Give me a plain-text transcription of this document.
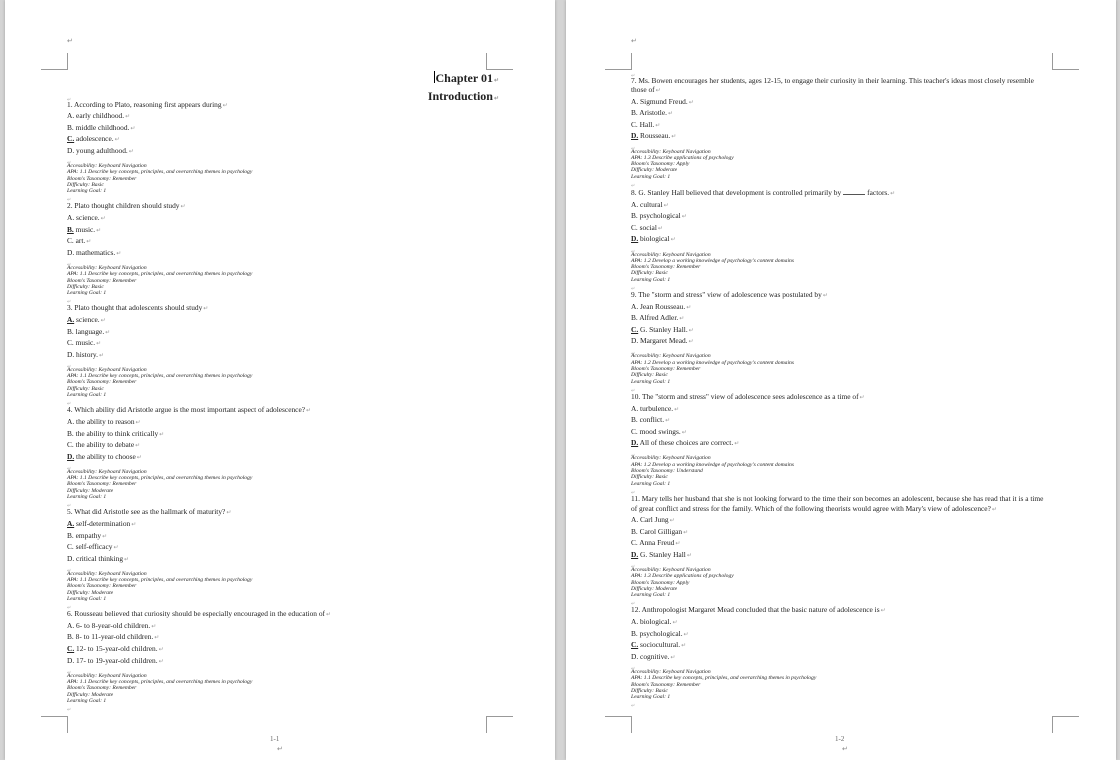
↵
Chapter 01↵
Introduction↵
↵

1. According to Plato, reasoning first appears during↵

A. early childhood.↵

B. middle childhood.↵

C. adolescence.↵

D. young adulthood.↵

↵

Accessibility: Keyboard Navigation

APA: 1.1 Describe key concepts, principles, and overarching themes in psychology

Bloom's Taxonomy: Remember

Difficulty: Basic

Learning Goal: 1

↵

2. Plato thought children should study↵

A. science.↵

B. music.↵

C. art.↵

D. mathematics.↵

↵

Accessibility: Keyboard Navigation

APA: 1.1 Describe key concepts, principles, and overarching themes in psychology

Bloom's Taxonomy: Remember

Difficulty: Basic

Learning Goal: 1

↵

3. Plato thought that adolescents should study↵

A. science.↵

B. language.↵

C. music.↵

D. history.↵

↵

Accessibility: Keyboard Navigation

APA: 1.1 Describe key concepts, principles, and overarching themes in psychology

Bloom's Taxonomy: Remember

Difficulty: Basic

Learning Goal: 1

↵

4. Which ability did Aristotle argue is the most important aspect of adolescence?↵

A. the ability to reason↵

B. the ability to think critically↵

C. the ability to debate↵

D. the ability to choose↵

↵

Accessibility: Keyboard Navigation

APA: 1.1 Describe key concepts, principles, and overarching themes in psychology

Bloom's Taxonomy: Remember

Difficulty: Moderate

Learning Goal: 1

↵

5. What did Aristotle see as the hallmark of maturity?↵

A. self-determination↵

B. empathy↵

C. self-efficacy↵

D. critical thinking↵

↵

Accessibility: Keyboard Navigation

APA: 1.1 Describe key concepts, principles, and overarching themes in psychology

Bloom's Taxonomy: Remember

Difficulty: Moderate

Learning Goal: 1

↵

6. Rousseau believed that curiosity should be especially encouraged in the education of↵

A. 6- to 8-year-old children.↵

B. 8- to 11-year-old children.↵

C. 12- to 15-year-old children.↵

D. 17- to 19-year-old children.↵

↵

Accessibility: Keyboard Navigation

APA: 1.1 Describe key concepts, principles, and overarching themes in psychology

Bloom's Taxonomy: Remember

Difficulty: Moderate

Learning Goal: 1

↵
1-1
↵
↵
↵

7. Ms. Bowen encourages her students, ages 12-15, to engage their curiosity in their learning. This teacher's ideas most closely resemble those of↵

A. Sigmund Freud.↵

B. Aristotle.↵

C. Hall.↵

D. Rousseau.↵

↵

Accessibility: Keyboard Navigation

APA: 1.3 Describe applications of psychology

Bloom's Taxonomy: Apply

Difficulty: Moderate

Learning Goal: 1

↵

8. G. Stanley Hall believed that development is controlled primarily by	factors.↵

A. cultural↵

B. psychological↵

C. social↵

D. biological↵

↵

Accessibility: Keyboard Navigation

APA: 1.2 Develop a working knowledge of psychology's content domains

Bloom's Taxonomy: Remember

Difficulty: Basic

Learning Goal: 1

↵

9. The "storm and stress" view of adolescence was postulated by↵

A. Jean Rousseau.↵

B. Alfred Adler.↵

C. G. Stanley Hall.↵

D. Margaret Mead.↵

↵

Accessibility: Keyboard Navigation

APA: 1.2 Develop a working knowledge of psychology's content domains

Bloom's Taxonomy: Remember

Difficulty: Basic

Learning Goal: 1

↵

10. The "storm and stress" view of adolescence sees adolescence as a time of↵

A. turbulence.↵

B. conflict.↵

C. mood swings.↵

D. All of these choices are correct.↵

↵

Accessibility: Keyboard Navigation

APA: 1.2 Develop a working knowledge of psychology's content domains

Bloom's Taxonomy: Understand

Difficulty: Basic

Learning Goal: 1

↵

11. Mary tells her husband that she is not looking forward to the time their son becomes an adolescent, because she has read that it is a time of great conflict and stress for the family. Which of the following theorists would agree with Mary's view of adolescence?↵

A. Carl Jung↵

B. Carol Gilligan↵

C. Anna Freud↵

D. G. Stanley Hall↵

↵

Accessibility: Keyboard Navigation

APA: 1.3 Describe applications of psychology

Bloom's Taxonomy: Apply

Difficulty: Moderate

Learning Goal: 1

↵

12. Anthropologist Margaret Mead concluded that the basic nature of adolescence is↵

A. biological.↵

B. psychological.↵

C. sociocultural.↵

D. cognitive.↵

↵

Accessibility: Keyboard Navigation

APA: 1.1 Describe key concepts, principles, and overarching themes in psychology

Bloom's Taxonomy: Remember

Difficulty: Basic

Learning Goal: 1

↵
1-2
↵
